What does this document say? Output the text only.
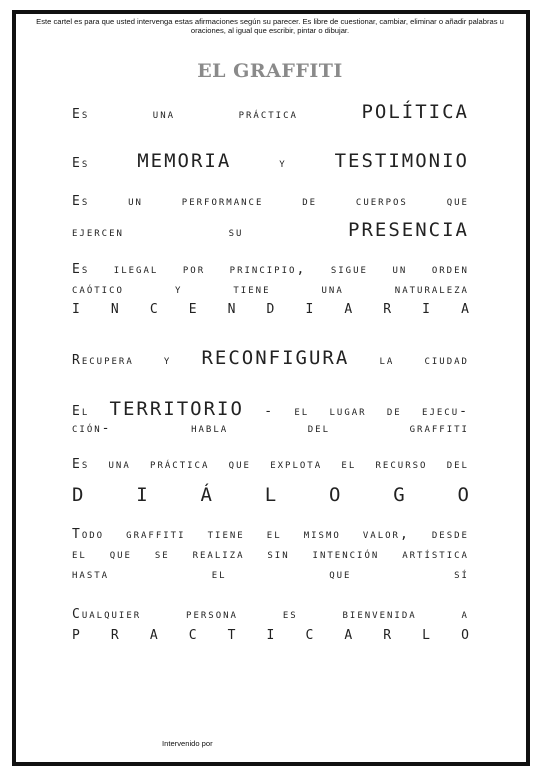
Este cartel es para que usted intervenga estas afirmaciones según su parecer. Es libre de cuestionar, cambiar, eliminar o añadir palabras u oraciones, al igual que escribir, pintar o dibujar.
EL GRAFFITI
Es	una	práctica	POLÍTICA
Es	MEMORIA	y	TESTIMONIO
Es	un	performance	de	cuerpos	que
ejercen	su	PRESENCIA
Es ilegal por principio, sigue un orden
caótico	y	tiene	una	naturaleza
I N C E N D I A R I A
Recupera y RECONFIGURA la ciudad
El TERRITORIO - el lugar de ejecu-
ción-	habla	del	graffiti
Es una práctica que explota el recurso del
D	I	Á	L	O	G	O
Todo graffiti tiene el mismo valor, desde
el que se realiza sin intención artística
hasta	el	que	sí
Cualquier	persona	es	bienvenida	a
P R A C T I C A R L O
Intervenido por
